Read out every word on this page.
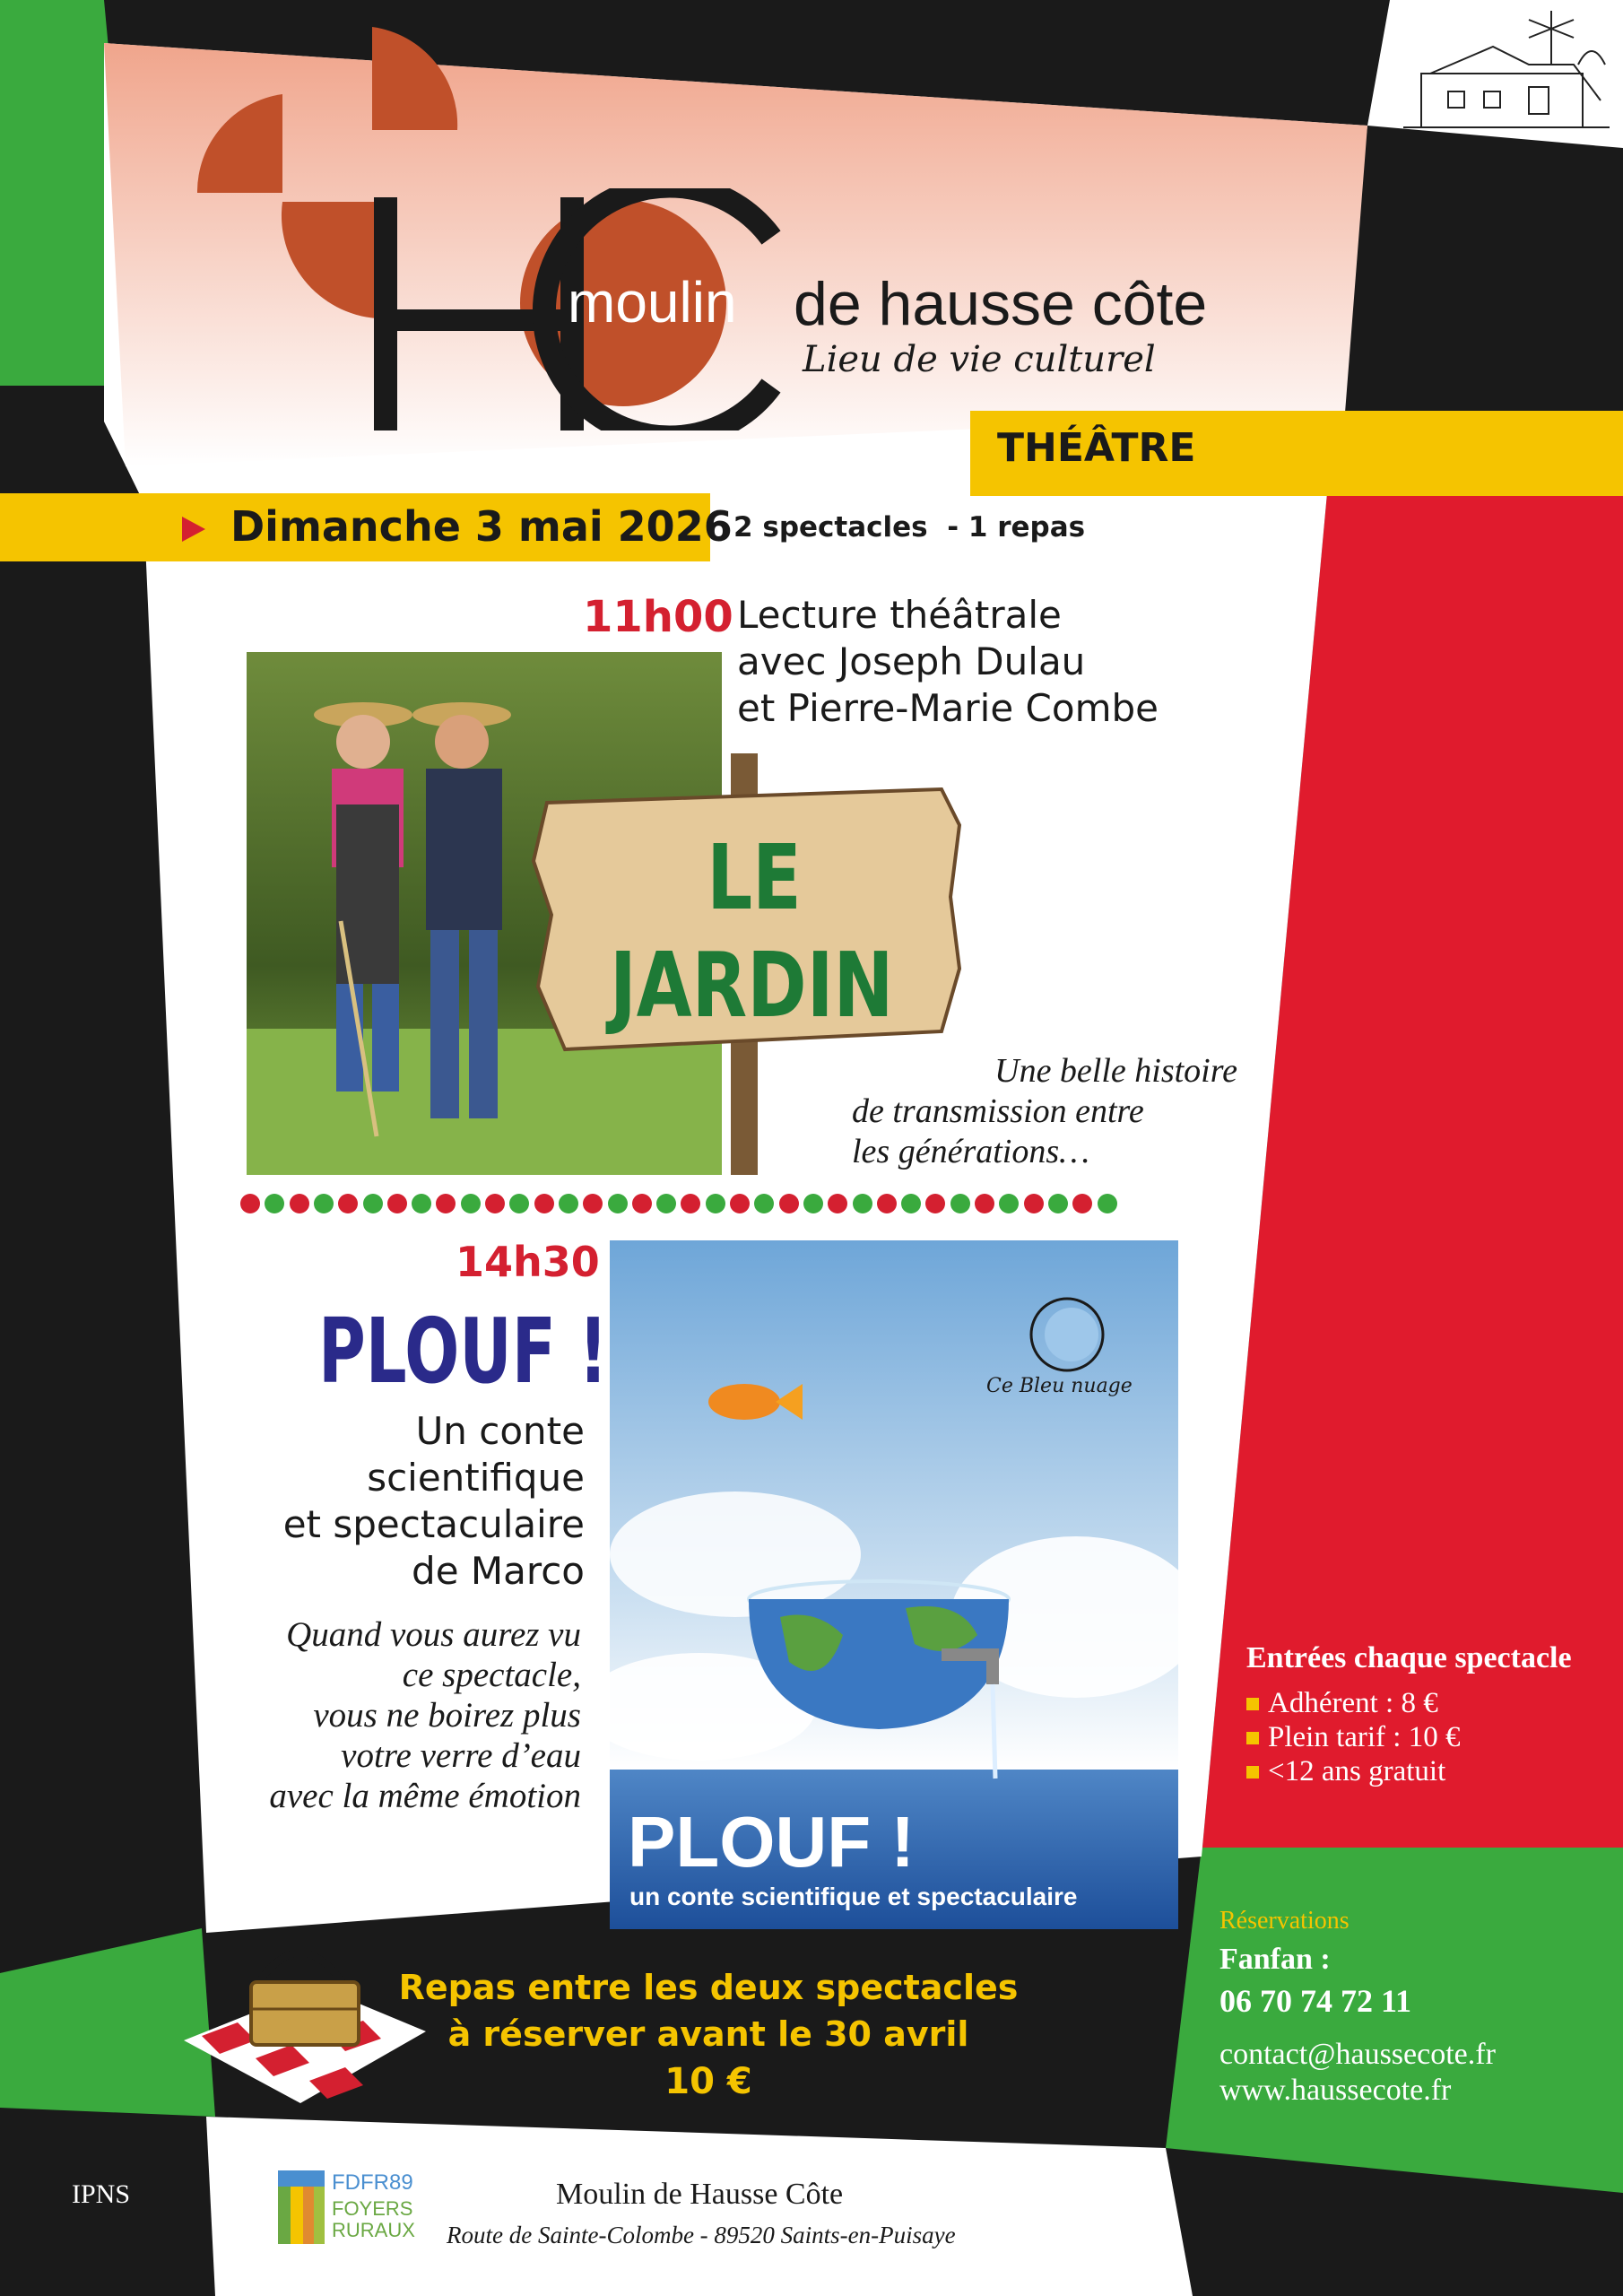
moulin de hausse côte
Lieu de vie culturel
THÉÂTRE
Dimanche 3 mai 2026 2 spectacles  - 1 repas
11h00 Lecture théâtrale
avec Joseph Dulau
et Pierre-Marie Combe
LE
JARDIN
Une belle histoire
de transmission entre
les générations…
14h30
PLOUF !
Un conte
scientifique
et spectaculaire
de Marco
Quand vous aurez vu
ce spectacle,
vous ne boirez plus
votre verre d’eau
avec la même émotion
Ce Bleu nuage
PLOUF !
un conte scientifique et spectaculaire
Entrées chaque spectacle
Adhérent : 8 €
Plein tarif : 10 €
<12 ans gratuit
Repas entre les deux spectacles
à réserver avant le 30 avril
10 €
Réservations
Fanfan :
06 70 74 72 11
contact@haussecote.fr
www.haussecote.fr
IPNS	FDFR89
FOYERS
RURAUX
Moulin de Hausse Côte
Route de Sainte-Colombe - 89520 Saints-en-Puisaye
